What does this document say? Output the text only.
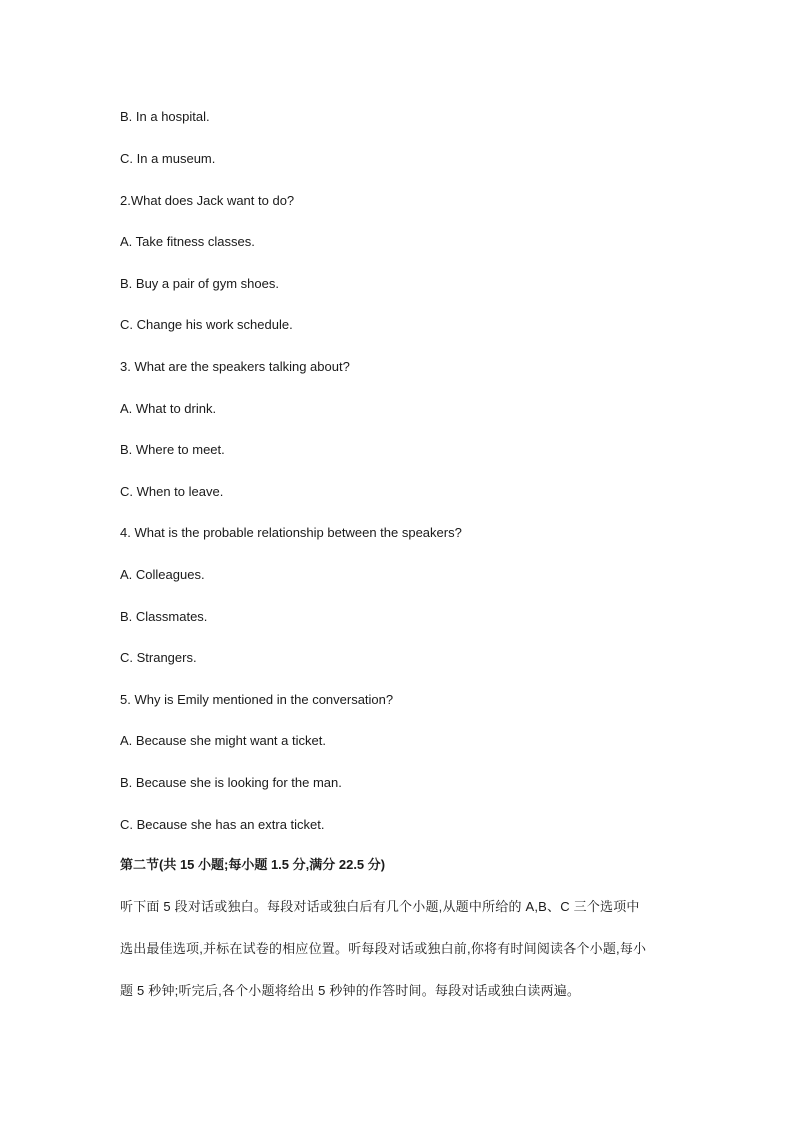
B. In a hospital.
C. In a museum.
2.What does Jack want to do?
A. Take fitness classes.
B. Buy a pair of gym shoes.
C. Change his work schedule.
3. What are the speakers talking about?
A. What to drink.
B. Where to meet.
C. When to leave.
4. What is the probable relationship between the speakers?
A. Colleagues.
B. Classmates.
C. Strangers.
5. Why is Emily mentioned in the conversation?
A. Because she might want a ticket.
B. Because she is looking for the man.
C. Because she has an extra ticket.
第二节(共 15 小题;每小题 1.5 分,满分 22.5 分)
听下面 5 段对话或独白。每段对话或独白后有几个小题,从题中所给的 A,B、C 三个选项中
选出最佳选项,并标在试卷的相应位置。听每段对话或独白前,你将有时间阅读各个小题,每小
题 5 秒钟;听完后,各个小题将给出 5 秒钟的作答时间。每段对话或独白读两遍。
